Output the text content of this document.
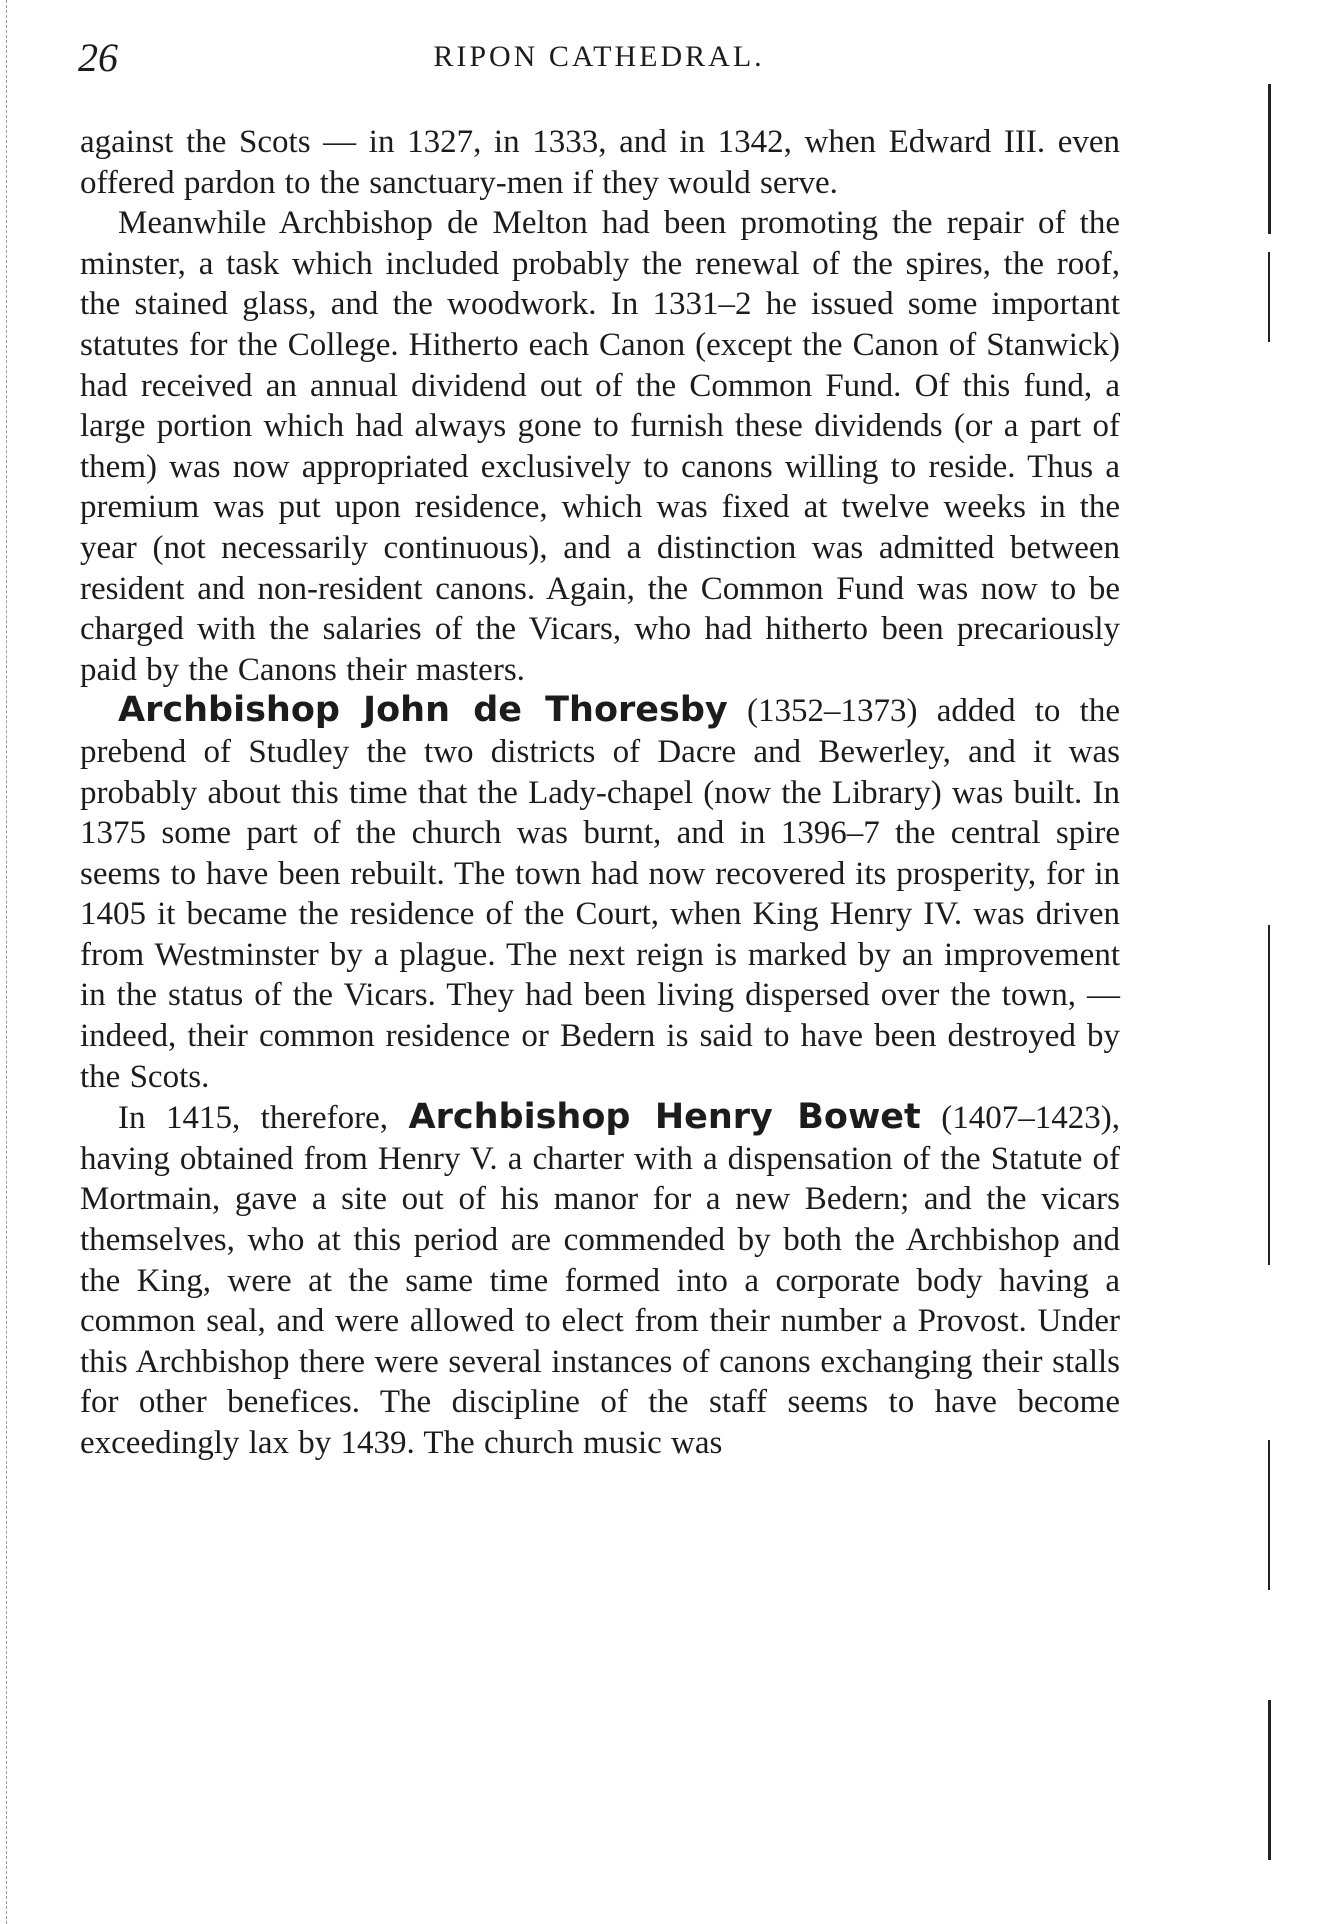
26	RIPON CATHEDRAL.

against the Scots — in 1327, in 1333, and in 1342, when Edward III. even offered pardon to the sanctuary-men if they would serve.

Meanwhile Archbishop de Melton had been promoting the repair of the minster, a task which included probably the renewal of the spires, the roof, the stained glass, and the woodwork. In 1331–2 he issued some important statutes for the College. Hitherto each Canon (except the Canon of Stanwick) had received an annual dividend out of the Common Fund. Of this fund, a large portion which had always gone to furnish these dividends (or a part of them) was now appropriated exclusively to canons willing to reside. Thus a premium was put upon residence, which was fixed at twelve weeks in the year (not necessarily continuous), and a distinction was admitted between resident and non-resident canons. Again, the Common Fund was now to be charged with the salaries of the Vicars, who had hitherto been precariously paid by the Canons their masters.

Archbishop John de Thoresby (1352–1373) added to the prebend of Studley the two districts of Dacre and Bewerley, and it was probably about this time that the Lady-chapel (now the Library) was built. In 1375 some part of the church was burnt, and in 1396–7 the central spire seems to have been rebuilt. The town had now recovered its prosperity, for in 1405 it became the residence of the Court, when King Henry IV. was driven from Westminster by a plague. The next reign is marked by an improvement in the status of the Vicars. They had been living dispersed over the town, — indeed, their common residence or Bedern is said to have been destroyed by the Scots.

In 1415, therefore, Archbishop Henry Bowet (1407–1423), having obtained from Henry V. a charter with a dispensation of the Statute of Mortmain, gave a site out of his manor for a new Bedern; and the vicars themselves, who at this period are commended by both the Archbishop and the King, were at the same time formed into a corporate body having a common seal, and were allowed to elect from their number a Provost. Under this Archbishop there were several instances of canons exchanging their stalls for other benefices. The discipline of the staff seems to have become exceedingly lax by 1439. The church music was
